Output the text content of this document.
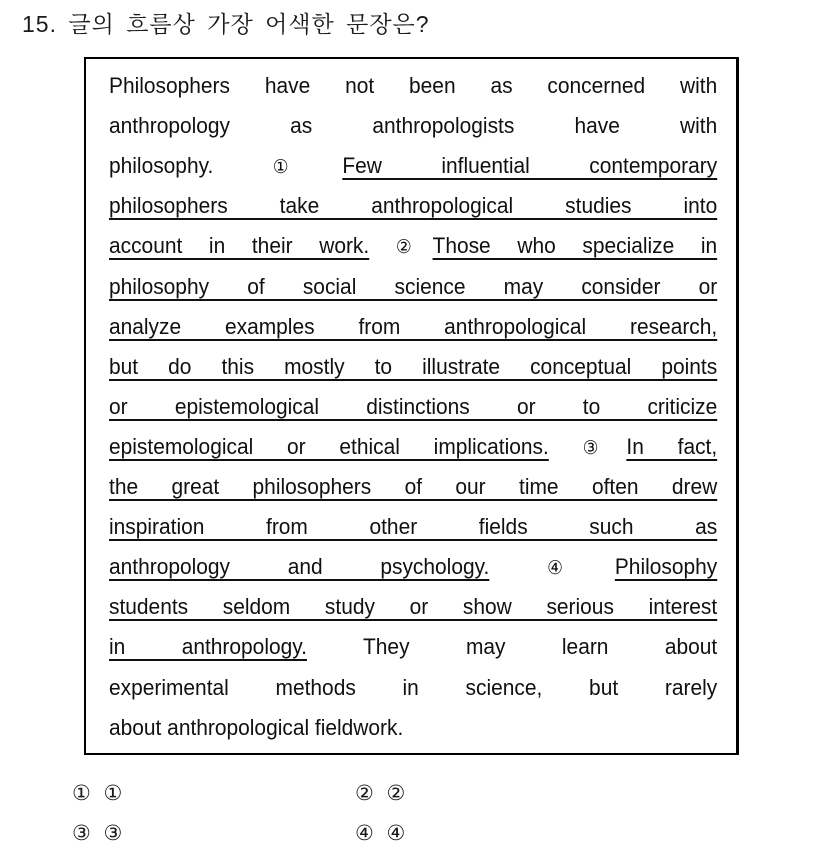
15. 글의 흐름상 가장 어색한 문장은?
Philosophers have not been as concerned with
anthropology as anthropologists have with
philosophy. ①Few influential contemporary
philosophers take anthropological studies into
account in their work. ②Those who specialize in
philosophy of social science may consider or
analyze examples from anthropological research,
but do this mostly to illustrate conceptual points
or epistemological distinctions or to criticize
epistemological or ethical implications. ③In fact,
the great philosophers of our time often drew
inspiration from other fields such as
anthropology and psychology.	④Philosophy
students seldom study or show serious interest
in anthropology. They may learn about
experimental methods in science, but rarely
about anthropological fieldwork.
① ①	② ②
③ ③	④ ④
